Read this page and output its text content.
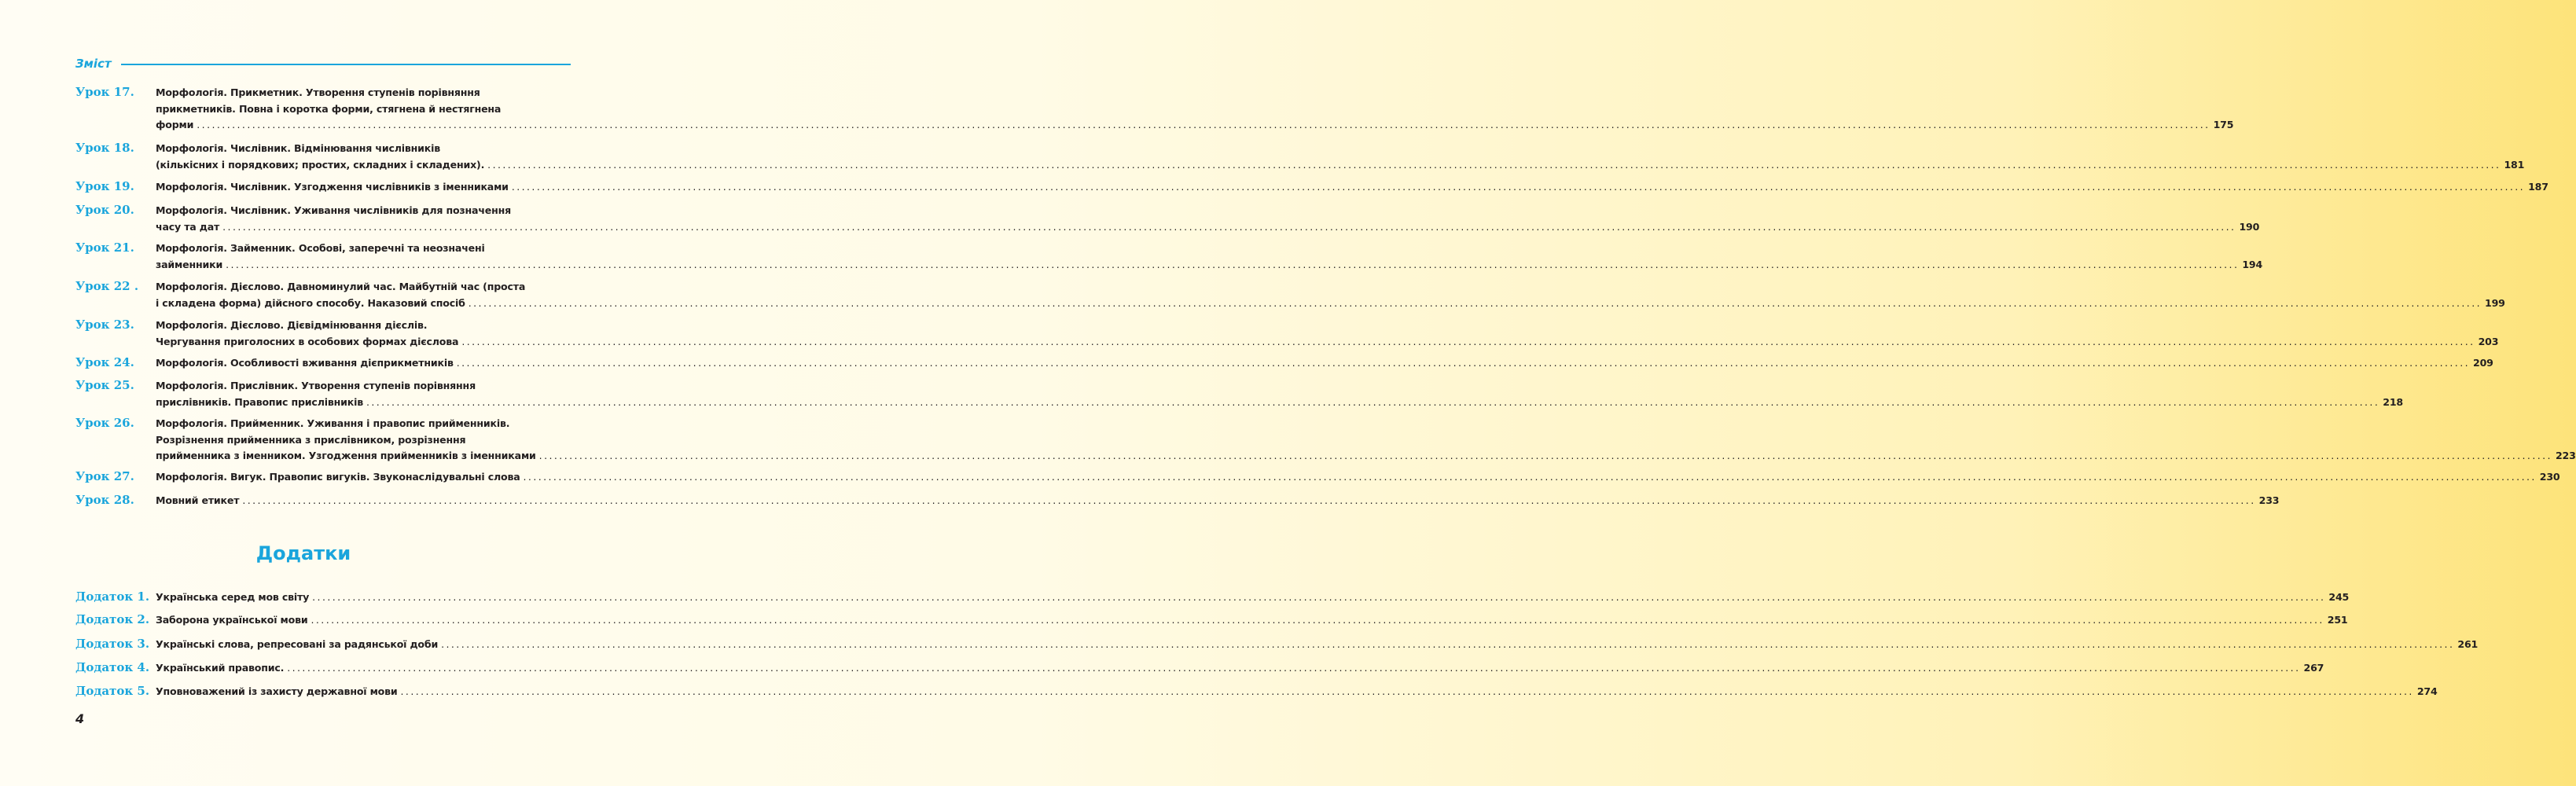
Зміст
Урок 17.	Морфологія. Прикметник. Утворення ступенів порівняння
прикметників. Повна і коротка форми, стягнена й нестягнена
форми ................................................................................................................................................................................................................................................................................................................................................................................................................ 175
Урок 18.	Морфологія. Числівник. Відмінювання числівників
(кількісних і порядкових; простих, складних і складених). ................................................................................................................................................................................................................................................................................................................................................................................................................ 181
Урок 19.	Морфологія. Числівник. Узгодження числівників з іменниками ................................................................................................................................................................................................................................................................................................................................................................................................................ 187
Урок 20.	Морфологія. Числівник. Уживання числівників для позначення
часу та дат ................................................................................................................................................................................................................................................................................................................................................................................................................ 190
Урок 21.	Морфологія. Займенник. Особові, заперечні та неозначені
займенники ................................................................................................................................................................................................................................................................................................................................................................................................................ 194
Урок 22 .	Морфологія. Дієслово. Давноминулий час. Майбутній час (проста
і складена форма) дійсного способу. Наказовий спосіб ................................................................................................................................................................................................................................................................................................................................................................................................................ 199
Урок 23.	Морфологія. Дієслово. Дієвідмінювання дієслів.
Чергування приголосних в особових формах дієслова ................................................................................................................................................................................................................................................................................................................................................................................................................ 203
Урок 24.	Морфологія. Особливості вживання дієприкметників ................................................................................................................................................................................................................................................................................................................................................................................................................ 209
Урок 25.	Морфологія. Прислівник. Утворення ступенів порівняння
прислівників. Правопис прислівників ................................................................................................................................................................................................................................................................................................................................................................................................................ 218
Урок 26.	Морфологія. Прийменник. Уживання і правопис прийменників.
Розрізнення прийменника з прислівником, розрізнення
прийменника з іменником. Узгодження прийменників з іменниками ................................................................................................................................................................................................................................................................................................................................................................................................................ 223
Урок 27.	Морфологія. Вигук. Правопис вигуків. Звуконаслідувальні слова ................................................................................................................................................................................................................................................................................................................................................................................................................ 230
Урок 28.	Мовний етикет ................................................................................................................................................................................................................................................................................................................................................................................................................ 233
Додатки
Додаток 1. Українська серед мов світу ................................................................................................................................................................................................................................................................................................................................................................................................................ 245
Додаток 2. Заборона української мови ................................................................................................................................................................................................................................................................................................................................................................................................................ 251
Додаток 3. Українські слова, репресовані за радянської доби ................................................................................................................................................................................................................................................................................................................................................................................................................ 261
Додаток 4. Український правопис. ................................................................................................................................................................................................................................................................................................................................................................................................................ 267
Додаток 5. Уповноважений із захисту державної мови ................................................................................................................................................................................................................................................................................................................................................................................................................ 274
4
